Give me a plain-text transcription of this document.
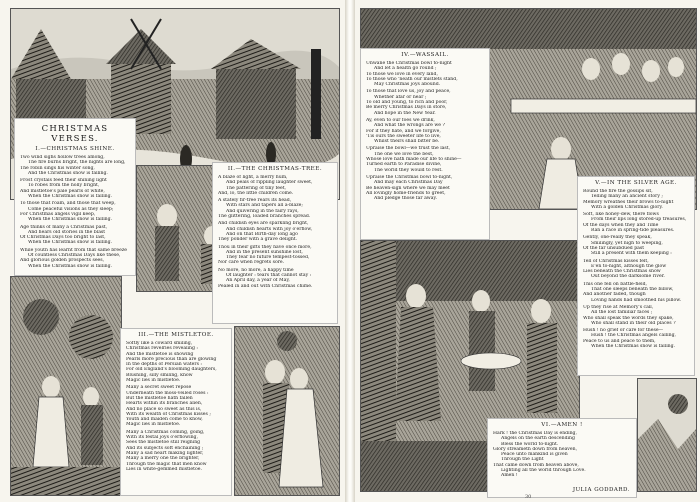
CHRISTMAS VERSES.
I.—CHRISTMAS SHINE.
Two wind sighs hollow trees among,
The fire burns bright, the nights are long,
The robin sings his winter song,
And the Christmas snow is falling.
Frost crystals feed their shining light
To robes from the holly bright,
And mistletoe's pale pearls of white,
When the Christmas snow is falling.
To those that roam, and those that weep,
Come peaceful visions as they sleep;
For Christmas angels vigil keep,
When the Christmas snow is falling.
Age thinks of many a Christmas past,
And hears old stories in the blast
Of Christmas Days too bright to last,
When the Christmas snow is falling.
While youth has learnt from that same breeze
Of countless Christmas Days like these,
And glorious golden prospects sees,
When the Christmas snow is falling.
II.—THE CHRISTMAS-TREE.
A blaze of light, a merry hum,
And peals of rippling laughter sweet,
The pattering of tiny feet,
And, lo, the little children come.
A stately fir-tree rears its head,
With stars and tapers all a-blaze;
And quivering in the fairy rays,
The glittering, loaded branches spread.
And childish eyes are sparkling bright,
And childish hearts with joy o'erflow,
And on that Birth-day long ago
They ponder with a grave delight.
Thou in their gifts they have once more,
And in the present sunshine lost,
They fear no future tempest-tossed,
Nor care when regrets sore.
No more, no more, a happy time
Of laughter : tears that cannot stay :
An April day, a year of May,
Pealed in and out with Christmas chime.
III.—THE MISTLETOE.
Softly like a coward smiling,
Christmas revelries revealing :
And the mistletoe is showing
Pearls more precious than are glowing
In the depths of Persian waters :
For old England's blooming daughters,
Blushing, silly smiling, know
Magic lies in mistletoe.
Many a secret sweet repose
Underneath the moss-veiled roses :
But the mistletoe hath fallen
Hearts within its branches alien,
And no place so sweet as this is,
With its wealth of Christmas kisses ;
Youth and maiden come to know,
Magic lies in mistletoe.
Many a Christmas coming, going,
With its festal joys o'erflowing,
Sees the mistletoe still reigning
And its subjects soft enchaining ;
Many a sad heart making lighter,
Many a merry one the brighter,
Through the magic that men know
Lies in white-gemmed mistletoe.
IV.—WASSAIL.
Unwane the Christmas bowl to-night
And let a health go round ;
To those we love in every land,
To those who 'neath our mistlets stand,
May Christmas joys abound.
To those that love us, joy and peace,
Whether afar or near ;
To old and young, to rich and poor,
Be merry Christmas Days in store,
And hope in the New Year.
Ay, even to our foes we drink,
And what the wrongs are we ?
For if they hate, and we forgive,
'Tis ours the sweeter life to live,
Whilst theirs shall bitter be.
Upraise the bowl—we trust the last,
The one we love the best,
Whose love hath made our life to shine—
Turned earth to Paradise divine,
The world they would to rest.
Upraise the Christmas bowl to-night,
And may each Christmas Day
Be heaven-sign where we may meet
All lovingly home-friends to greet,
And pledge those far away.
V.—IN THE SILVER AGE.
Round the fire the gossips sit,
Telling many an ancient story ;
Memory wreathes their brows to-night
With a golden Christmas glory.
Soft, like honey-dew, there flows
From their lips long stored-up treasures,
Of the days when they and Time
Ran a race in spring-tide pleasures.
Gently, one-really they speak,
Smilingly, yet nigh to weeping,
Of the far unsubdued past
Still a present with them keeping :
Tell of Christmas kisses felt,
E'en to-night, although the glow
Lies beneath the Christmas snow
Out beyond the darksome river.
This one fell on battle-field,
That one sleeps beneath the billow,
And another faded, though
Loving hands had smoothed his pillow.
Up they rise at Memory's call,
All the lost familiar faces ;
Who shall speak the words they spake,
Who shall stand in their old places ?
Hush ! no grief or care for these—
Hush ! the Christmas angels calling,
Peace to us and peace to them,
When the Christmas snow is falling.
VI.—AMEN !
Hark ! the Christmas Day is ending,
Angels on the earth descending
Bless the world to-night.
Glory streameth down from heaven,
Peace unto mankind is given
Through the Light
That came down from heaven above,
Lighting all the world through Love.
Amen !
JULIA GODDARD.
30
